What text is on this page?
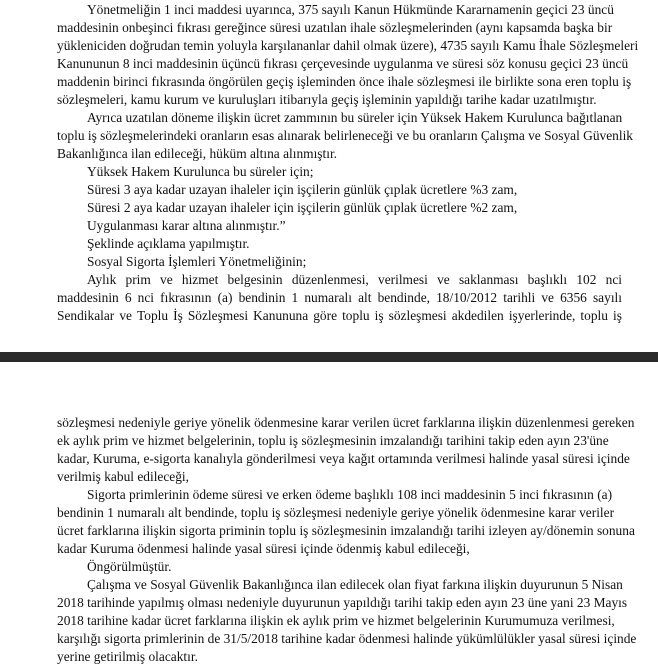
Yönetmeliğin 1 inci maddesi uyarınca, 375 sayılı Kanun Hükmünde Kararnamenin geçici 23 üncü
maddesinin onbeşinci fıkrası gereğince süresi uzatılan ihale sözleşmelerinden (aynı kapsamda başka bir
yükleniciden doğrudan temin yoluyla karşılananlar dahil olmak üzere), 4735 sayılı Kamu İhale Sözleşmeleri
Kanununun 8 inci maddesinin üçüncü fıkrası çerçevesinde uygulanma ve süresi söz konusu geçici 23 üncü
maddenin birinci fıkrasında öngörülen geçiş işleminden önce ihale sözleşmesi ile birlikte sona eren toplu iş
sözleşmeleri, kamu kurum ve kuruluşları itibarıyla geçiş işleminin yapıldığı tarihe kadar uzatılmıştır.
Ayrıca uzatılan döneme ilişkin ücret zammının bu süreler için Yüksek Hakem Kurulunca bağıtlanan
toplu iş sözleşmelerindeki oranların esas alınarak belirleneceği ve bu oranların Çalışma ve Sosyal Güvenlik
Bakanlığınca ilan edileceği, hüküm altına alınmıştır.
Yüksek Hakem Kurulunca bu süreler için;
Süresi 3 aya kadar uzayan ihaleler için işçilerin günlük çıplak ücretlere %3 zam,
Süresi 2 aya kadar uzayan ihaleler için işçilerin günlük çıplak ücretlere %2 zam,
Uygulanması karar altına alınmıştır.”
Şeklinde açıklama yapılmıştır.
Sosyal Sigorta İşlemleri Yönetmeliğinin;
Aylık prim ve hizmet belgesinin düzenlenmesi, verilmesi ve saklanması başlıklı 102 nci
maddesinin 6 nci fıkrasının (a) bendinin 1 numaralı alt bendinde, 18/10/2012 tarihli ve 6356 sayılı
Sendikalar ve Toplu İş Sözleşmesi Kanununa göre toplu iş sözleşmesi akdedilen işyerlerinde, toplu iş
sözleşmesi nedeniyle geriye yönelik ödenmesine karar verilen ücret farklarına ilişkin düzenlenmesi gereken
ek aylık prim ve hizmet belgelerinin, toplu iş sözleşmesinin imzalandığı tarihini takip eden ayın 23'üne
kadar, Kuruma, e-sigorta kanalıyla gönderilmesi veya kağıt ortamında verilmesi halinde yasal süresi içinde
verilmiş kabul edileceği,
Sigorta primlerinin ödeme süresi ve erken ödeme başlıklı 108 inci maddesinin 5 inci fıkrasının (a)
bendinin 1 numaralı alt bendinde, toplu iş sözleşmesi nedeniyle geriye yönelik ödenmesine karar veriler
ücret farklarına ilişkin sigorta priminin toplu iş sözleşmesinin imzalandığı tarihi izleyen ay/dönemin sonuna
kadar Kuruma ödenmesi halinde yasal süresi içinde ödenmiş kabul edileceği,
Öngörülmüştür.
Çalışma ve Sosyal Güvenlik Bakanlığınca ilan edilecek olan fiyat farkına ilişkin duyurunun 5 Nisan
2018 tarihinde yapılmış olması nedeniyle duyurunun yapıldığı tarihi takip eden ayın 23 üne yani 23 Mayıs
2018 tarihine kadar ücret farklarına ilişkin ek aylık prim ve hizmet belgelerinin Kurumumuza verilmesi,
karşılığı sigorta primlerinin de 31/5/2018 tarihine kadar ödenmesi halinde yükümlülükler yasal süresi içinde
yerine getirilmiş olacaktır.
